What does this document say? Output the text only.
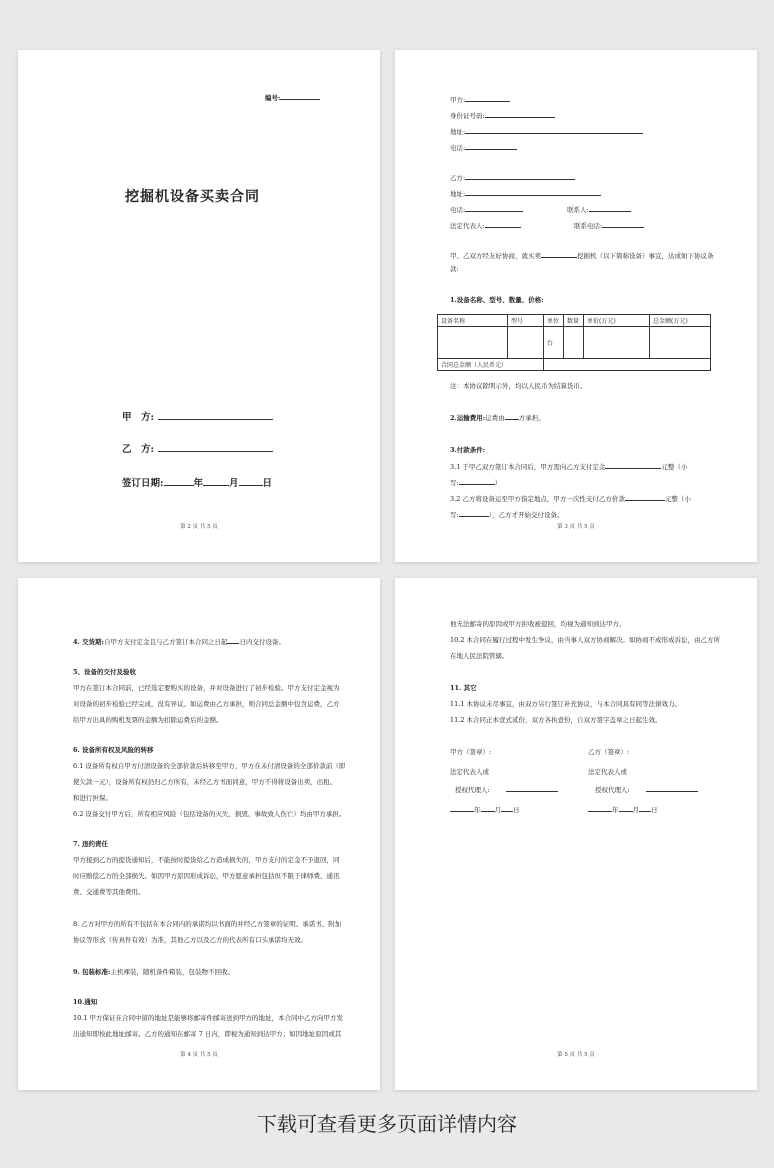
编号:
挖掘机设备买卖合同
甲　方:
乙　方:
签订日期:	年	月	日
第 2 页 共 5 页
甲方:
身份证号码:
地址:
电话:
乙方:
地址:
电话:	联系人:
法定代表人:	联系电话:
甲、乙双方经友好协商，就买卖	挖掘机（以下简称设备）事宜，达成如下协议条
款:
1.设备名称、型号、数量、价格:
设备名称	型号	单位	数量	单价(万元)	总金额(万元)
		台			
合同总金额（人民币元）					
注：本协议除明示外，均以人民币为结算货币。
2.运输费用:运费由 方承担。
3.付款条件:
3.1 于甲乙双方签订本合同后，甲方需向乙方支付定金	元整（小
写:	）
3.2 乙方将设备运至甲方指定地点，甲方一次性支付乙方价款	元整（小
写:	），乙方才开始交付设备。
第 3 页 共 5 页
4. 交货期:自甲方支付定金且与乙方签订本合同之日起 日内交付设备。
5、设备的交付及验收
甲方在签订本合同前，已经选定要购买的设备，并对设备进行了初步检验。甲方支付定金视为
对设备的初步检验已经完成，没有异议。如运费由乙方承担，则合同总金额中包含运费，乙方
给甲方出具的购机发票的金额为扣除运费后的金额。
6. 设备所有权及风险的转移
6.1 设备所有权自甲方付清设备的全部价款后转移至甲方，甲方在未付清设备的全部价款前（即
使欠款一元），设备所有权仍归乙方所有，未经乙方书面同意，甲方不得将设备出卖、出租、
和进行担保。
6.2 设备交付甲方后，所有相应风险（包括设备的灭失、损毁、事故致人伤亡）均由甲方承担。
7. 违约责任
甲方接到乙方的提货通知后，不能按时提货给乙方造成损失的，甲方支付的定金不予退回，同
时应赔偿乙方的全部损失。如因甲方原因形成诉讼，甲方愿意承担包括但不限于律师费、通讯
费、交通费等其他费用。
8. 乙方对甲方的所有不包括在本合同内的承诺均以书面的并经乙方签章的证明、承诺书、附加
协议等形式（传真件有效）为准，其他乙方以及乙方的代表所有口头承诺均无效。
9. 包装标准:主机裸装，随机备件箱装，包装物不回收。
10.通知
10.1 甲方保证在合同中留的地址是能够将邮寄件邮寄送到甲方的地址，本合同中乙方向甲方发
出通知即按此地址邮寄。乙方的通知在邮寄 7 日内，即视为通知到达甲方；如因地址原因或其
第 4 页 共 5 页
他无法邮寄的原因或甲方拒收被退回，均视为通知到达甲方。
10.2 本合同在履行过程中发生争议，由当事人双方协商解决。如协商不成形成诉讼，由乙方所
在地人民法院管辖。
11. 其它
11.1 本协议未尽事宜，由双方另行签订补充协议，与本合同具有同等法律效力。
11.2 本合同正本壹式贰份，双方各执壹份，自双方签字盖章之日起生效。
甲方（签章）:	乙方（签章）:
法定代表人或	法定代表人或
授权代理人:	授权代理人:
年 月 日	年 月 日
第 5 页 共 5 页
下载可查看更多页面详情内容
